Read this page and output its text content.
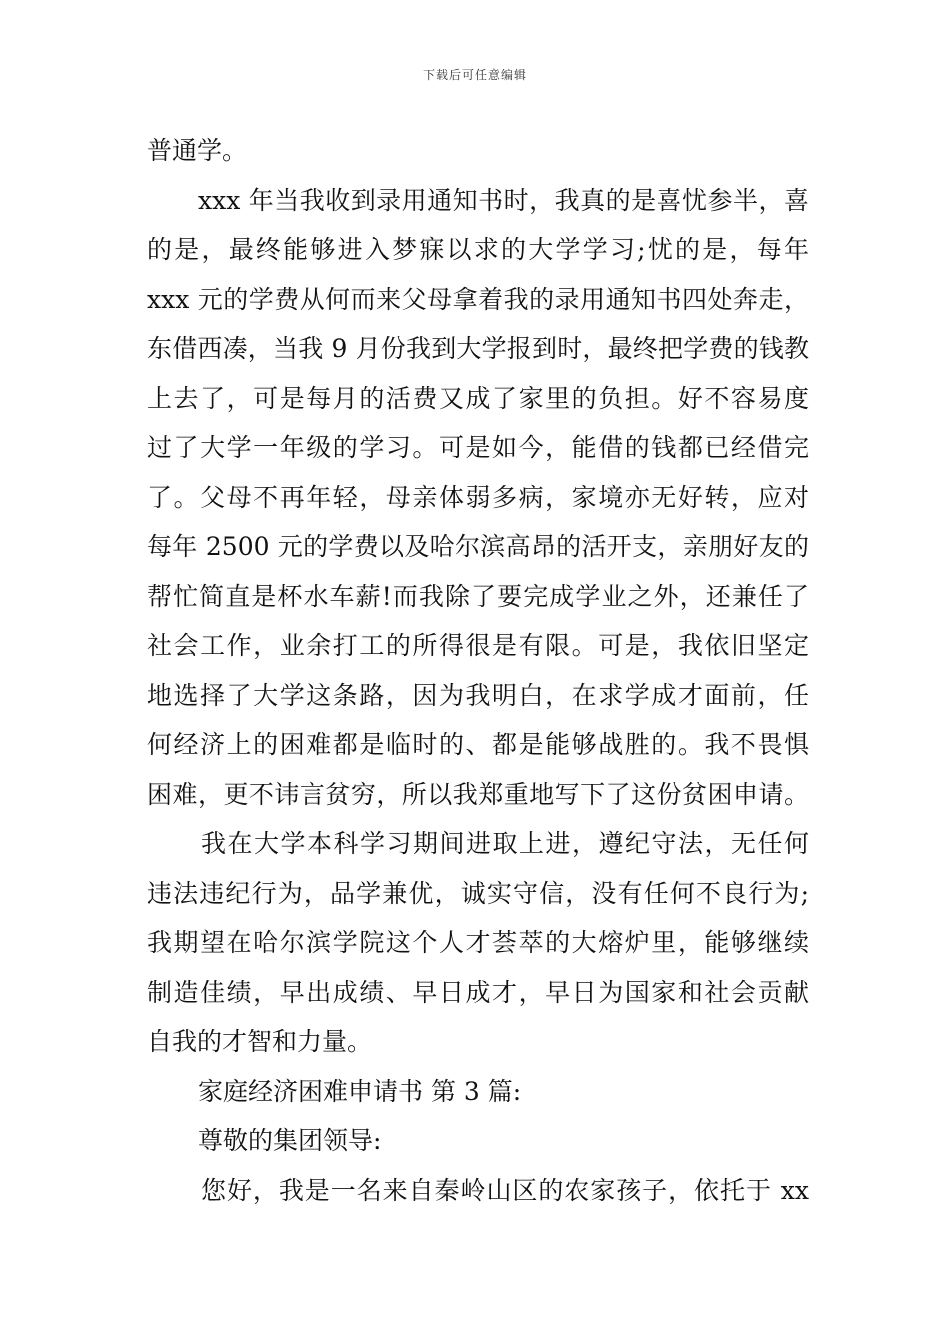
下载后可任意编辑
普通学。
xxx 年当我收到录用通知书时，我真的是喜忧参半，喜
的是，最终能够进入梦寐以求的大学学习;忧的是，每年
xxx 元的学费从何而来父母拿着我的录用通知书四处奔走，
东借西凑，当我 9 月份我到大学报到时，最终把学费的钱教
上去了，可是每月的活费又成了家里的负担。好不容易度
过了大学一年级的学习。可是如今，能借的钱都已经借完
了。父母不再年轻，母亲体弱多病，家境亦无好转，应对
每年 2500 元的学费以及哈尔滨高昂的活开支，亲朋好友的
帮忙简直是杯水车薪!而我除了要完成学业之外，还兼任了
社会工作，业余打工的所得很是有限。可是，我依旧坚定
地选择了大学这条路，因为我明白，在求学成才面前，任
何经济上的困难都是临时的、都是能够战胜的。我不畏惧
困难，更不讳言贫穷，所以我郑重地写下了这份贫困申请。
我在大学本科学习期间进取上进，遵纪守法，无任何
违法违纪行为，品学兼优，诚实守信，没有任何不良行为;
我期望在哈尔滨学院这个人才荟萃的大熔炉里，能够继续
制造佳绩，早出成绩、早日成才，早日为国家和社会贡献
自我的才智和力量。
家庭经济困难申请书 第 3 篇:
尊敬的集团领导:
您好，我是一名来自秦岭山区的农家孩子，依托于 xx
